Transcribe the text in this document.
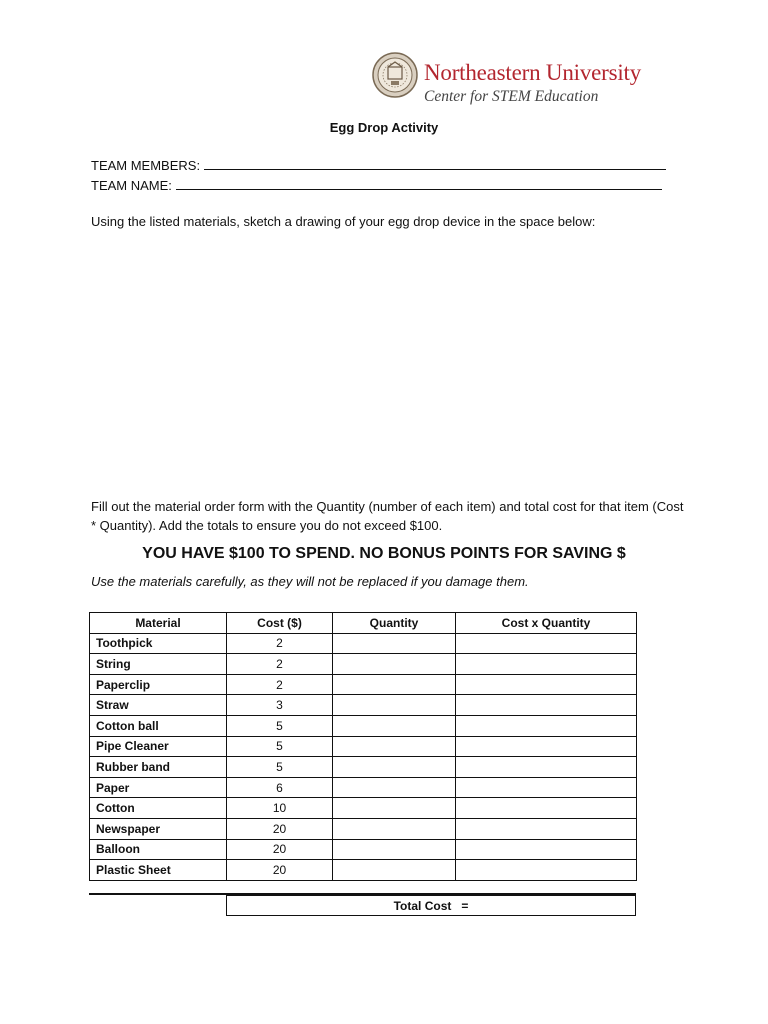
Northeastern University
Center for STEM Education
Egg Drop Activity
TEAM MEMBERS:
TEAM NAME:
Using the listed materials, sketch a drawing of your egg drop device in the space below:
Fill out the material order form with the Quantity (number of each item) and total cost for that item (Cost * Quantity). Add the totals to ensure you do not exceed $100.
YOU HAVE $100 TO SPEND. NO BONUS POINTS FOR SAVING $
Use the materials carefully, as they will not be replaced if you damage them.
Material	Cost ($)	Quantity	Cost x Quantity
Toothpick	2		
String	2		
Paperclip	2		
Straw	3		
Cotton ball	5		
Pipe Cleaner	5		
Rubber band	5		
Paper	6		
Cotton	10		
Newspaper	20		
Balloon	20		
Plastic Sheet	20		
Total Cost   =
